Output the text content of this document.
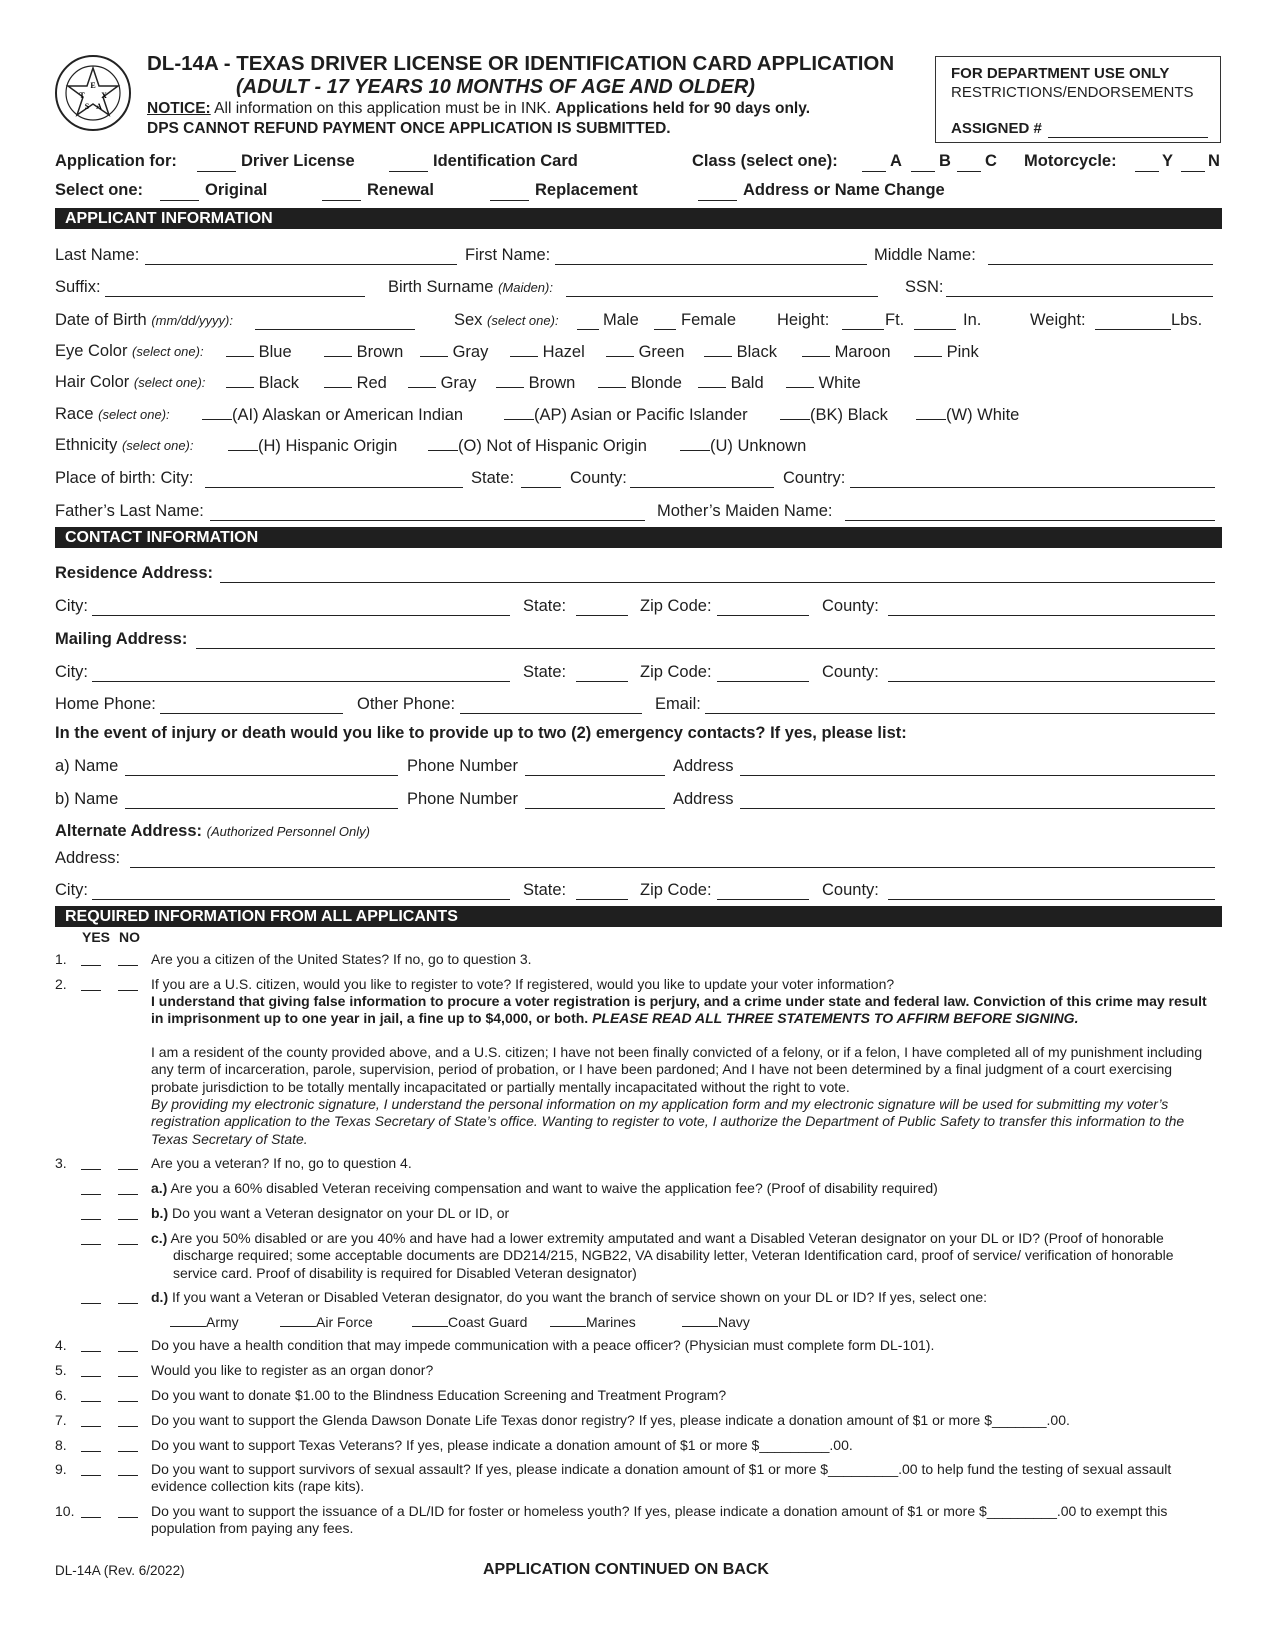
E
T X
S A
DL-14A - TEXAS DRIVER LICENSE OR IDENTIFICATION CARD APPLICATION
(ADULT - 17 YEARS 10 MONTHS OF AGE AND OLDER)
NOTICE: All information on this application must be in INK. Applications held for 90 days only.
DPS CANNOT REFUND PAYMENT ONCE APPLICATION IS SUBMITTED.
FOR DEPARTMENT USE ONLY
RESTRICTIONS/ENDORSEMENTS
ASSIGNED #
Application for:	Driver License	Identification Card	Class (select one):	A B C Motorcycle:	Y N
Select one:	Original	Renewal	Replacement	Address or Name Change
APPLICANT INFORMATION
Last Name:	First Name:	Middle Name:
Suffix:	Birth Surname (Maiden):	SSN:
Date of Birth (mm/dd/yyyy):	Sex (select one):	Male	Female Height:	Ft.	In.	Weight:	Lbs.
Eye Color (select one):	Blue	Brown	Gray	Hazel	Green	Black	Maroon	Pink
Hair Color (select one):	Black	Red	Gray	Brown	Blonde	Bald	White
Race (select one):	(AI) Alaskan or American Indian	(AP) Asian or Pacific Islander	(BK) Black	(W) White
Ethnicity (select one):	(H) Hispanic Origin	(O) Not of Hispanic Origin	(U) Unknown
Place of birth: City:	State:	County:	Country:
Father’s Last Name:	Mother’s Maiden Name:
CONTACT INFORMATION
Residence Address:
City:	State:	Zip Code:	County:
Mailing Address:
City:	State:	Zip Code:	County:
Home Phone:	Other Phone:	Email:
In the event of injury or death would you like to provide up to two (2) emergency contacts? If yes, please list:
a) Name	Phone Number	Address
b) Name	Phone Number	Address
Alternate Address: (Authorized Personnel Only)
Address:
City:	State:	Zip Code:	County:
REQUIRED INFORMATION FROM ALL APPLICANTS
YES NO
1.	Are you a citizen of the United States? If no, go to question 3.
2.	If you are a U.S. citizen, would you like to register to vote? If registered, would you like to update your voter information?
I understand that giving false information to procure a voter registration is perjury, and a crime under state and federal law. Conviction of this crime may result in imprisonment up to one year in jail, a fine up to $4,000, or both. PLEASE READ ALL THREE STATEMENTS TO AFFIRM BEFORE SIGNING.
I am a resident of the county provided above, and a U.S. citizen; I have not been finally convicted of a felony, or if a felon, I have completed all of my punishment including any term of incarceration, parole, supervision, period of probation, or I have been pardoned; And I have not been determined by a final judgment of a court exercising probate jurisdiction to be totally mentally incapacitated or partially mentally incapacitated without the right to vote.
By providing my electronic signature, I understand the personal information on my application form and my electronic signature will be used for submitting my voter’s registration application to the Texas Secretary of State’s office. Wanting to register to vote, I authorize the Department of Public Safety to transfer this information to the Texas Secretary of State.
3.	Are you a veteran? If no, go to question 4.
a.) Are you a 60% disabled Veteran receiving compensation and want to waive the application fee? (Proof of disability required)
b.) Do you want a Veteran designator on your DL or ID, or
c.) Are you 50% disabled or are you 40% and have had a lower extremity amputated and want a Disabled Veteran designator on your DL or ID? (Proof of honorable discharge required; some acceptable documents are DD214/215, NGB22, VA disability letter, Veteran Identification card, proof of service/ verification of honorable service card. Proof of disability is required for Disabled Veteran designator)
d.) If you want a Veteran or Disabled Veteran designator, do you want the branch of service shown on your DL or ID? If yes, select one:
Army	Air Force	Coast Guard	Marines	Navy
4.	Do you have a health condition that may impede communication with a peace officer? (Physician must complete form DL-101).
5.	Would you like to register as an organ donor?
6.	Do you want to donate $1.00 to the Blindness Education Screening and Treatment Program?
7.	Do you want to support the Glenda Dawson Donate Life Texas donor registry? If yes, please indicate a donation amount of $1 or more $_______.00.
8.	Do you want to support Texas Veterans? If yes, please indicate a donation amount of $1 or more $_________.00.
9.	Do you want to support survivors of sexual assault? If yes, please indicate a donation amount of $1 or more $_________.00 to help fund the testing of sexual assault evidence collection kits (rape kits).
10.	Do you want to support the issuance of a DL/ID for foster or homeless youth? If yes, please indicate a donation amount of $1 or more $_________.00 to exempt this population from paying any fees.
DL-14A (Rev. 6/2022)	APPLICATION CONTINUED ON BACK
